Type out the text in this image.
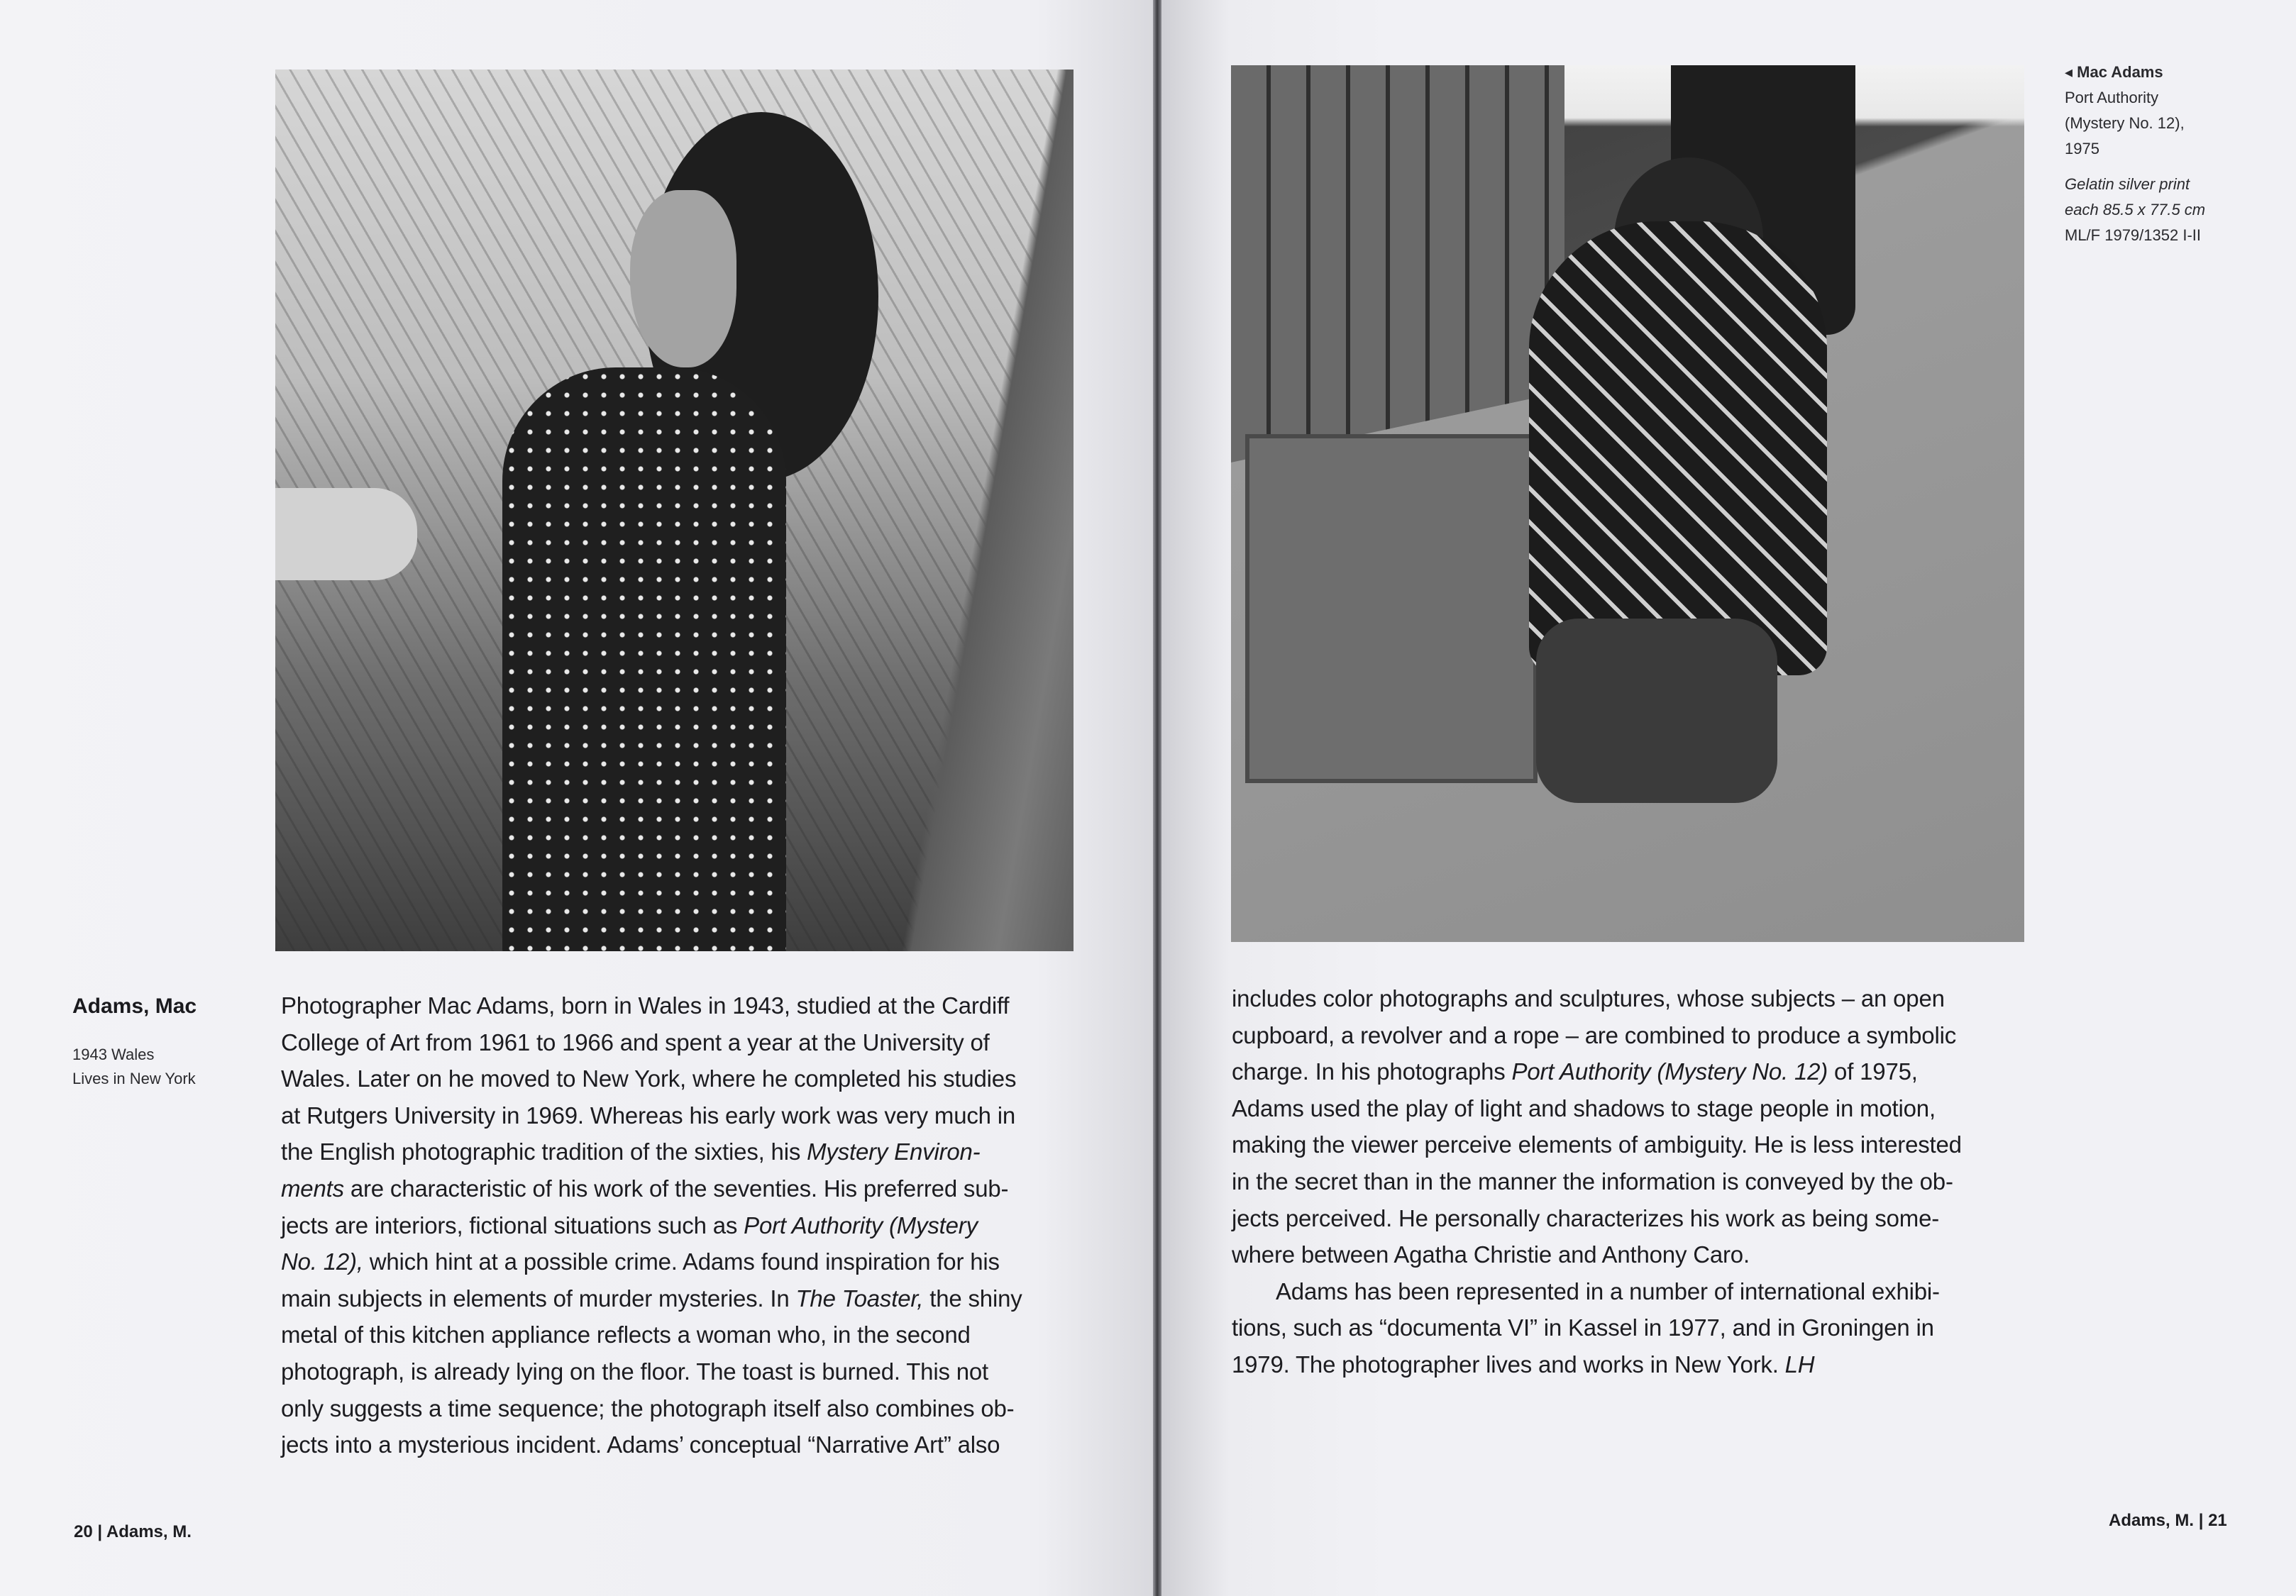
Adams, Mac
1943 Wales
Lives in New York
Photographer Mac Adams, born in Wales in 1943, studied at the Cardiff
College of Art from 1961 to 1966 and spent a year at the University of
Wales. Later on he moved to New York, where he completed his studies
at Rutgers University in 1969. Whereas his early work was very much in
the English photographic tradition of the sixties, his Mystery Environ-
ments are characteristic of his work of the seventies. His preferred sub-
jects are interiors, fictional situations such as Port Authority (Mystery
No. 12), which hint at a possible crime. Adams found inspiration for his
main subjects in elements of murder mysteries. In The Toaster, the shiny
metal of this kitchen appliance reflects a woman who, in the second
photograph, is already lying on the floor. The toast is burned. This not
only suggests a time sequence; the photograph itself also combines ob-
jects into a mysterious incident. Adams’ conceptual “Narrative Art” also
20 | Adams, M.
◂ Mac Adams
Port Authority
(Mystery No. 12),
1975
Gelatin silver print
each 85.5 x 77.5 cm
ML/F 1979/1352 I-II
includes color photographs and sculptures, whose subjects – an open
cupboard, a revolver and a rope – are combined to produce a symbolic
charge. In his photographs Port Authority (Mystery No. 12) of 1975,
Adams used the play of light and shadows to stage people in motion,
making the viewer perceive elements of ambiguity. He is less interested
in the secret than in the manner the information is conveyed by the ob-
jects perceived. He personally characterizes his work as being some-
where between Agatha Christie and Anthony Caro.
Adams has been represented in a number of international exhibi-
tions, such as “documenta VI” in Kassel in 1977, and in Groningen in
1979. The photographer lives and works in New York. LH
Adams, M. | 21
